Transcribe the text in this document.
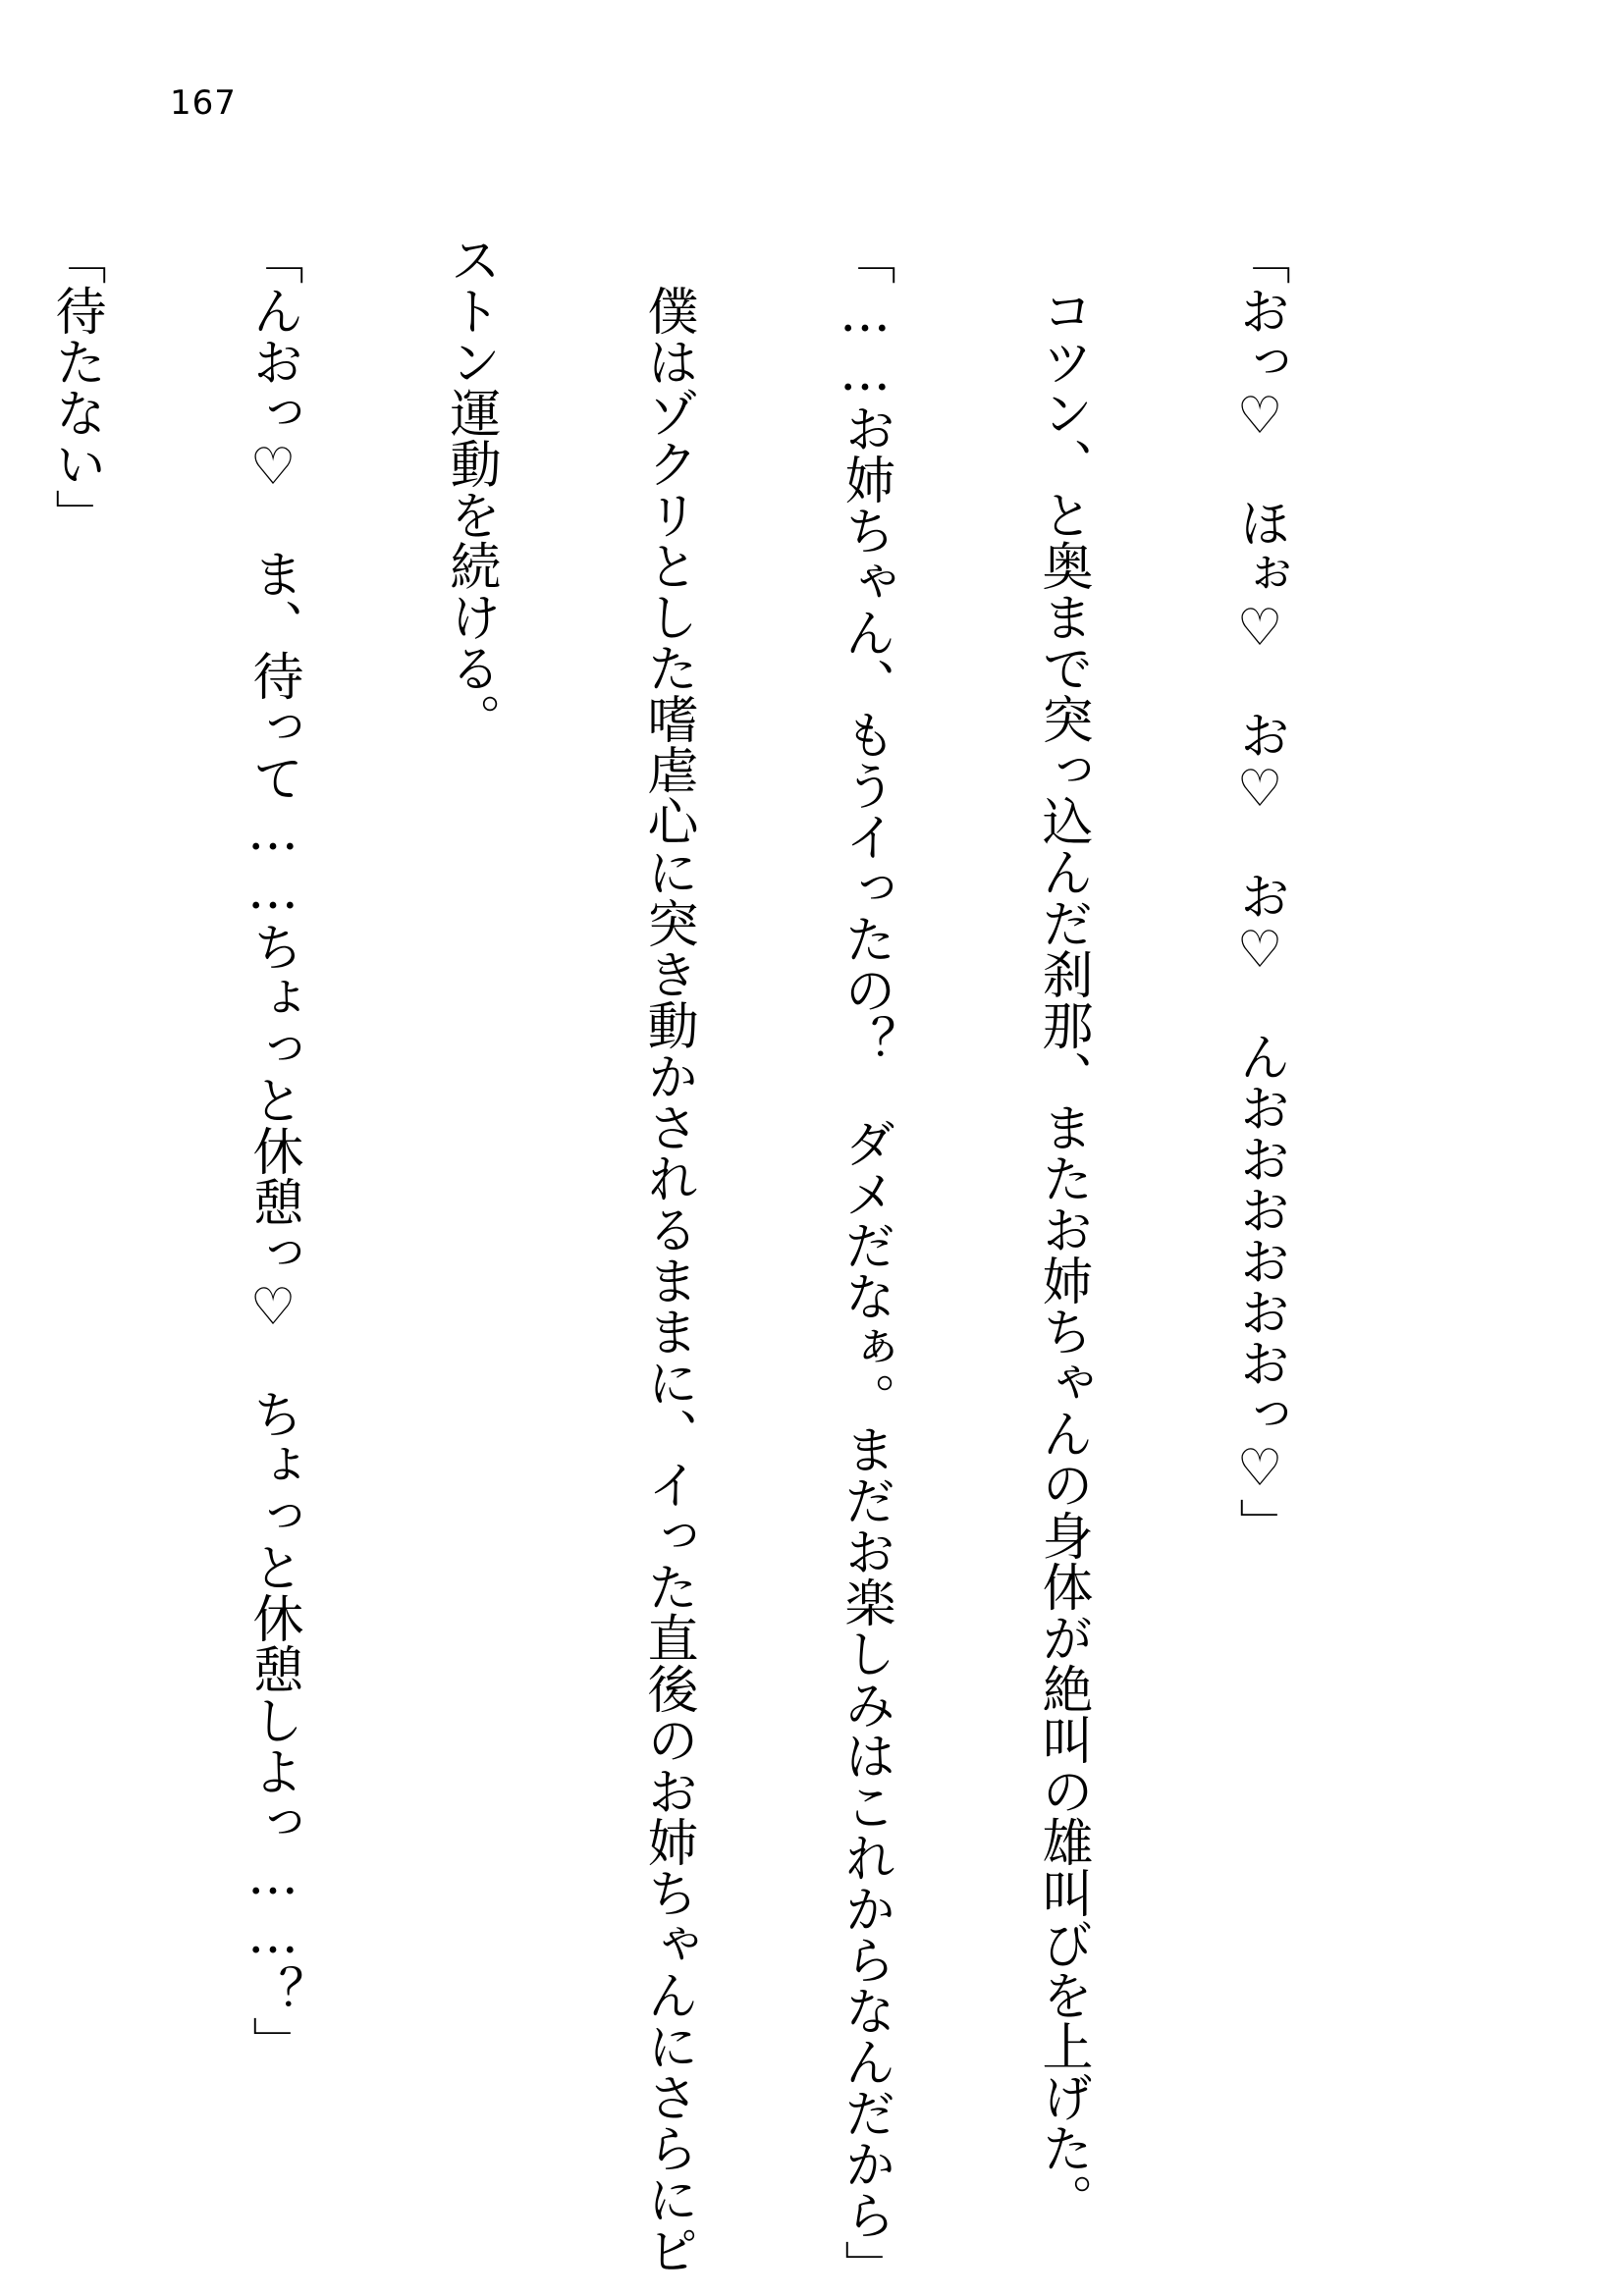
167

「おっ♡　ほぉ♡　お♡　お♡　んおおおおおおっ♡」

　コツン、と奥まで突っ込んだ刹那、またお姉ちゃんの身体が絶叫の雄叫びを上げた。

「……お姉ちゃん、もうイったの？　ダメだなぁ。まだお楽しみはこれからなんだから」

　僕はゾクリとした嗜虐心に突き動かされるままに、イった直後のお姉ちゃんにさらにピ

ストン運動を続ける。

「んおっ♡　ま、待って……ちょっと休憩っ♡　ちょっと休憩しよっ……？」

「待たない」
